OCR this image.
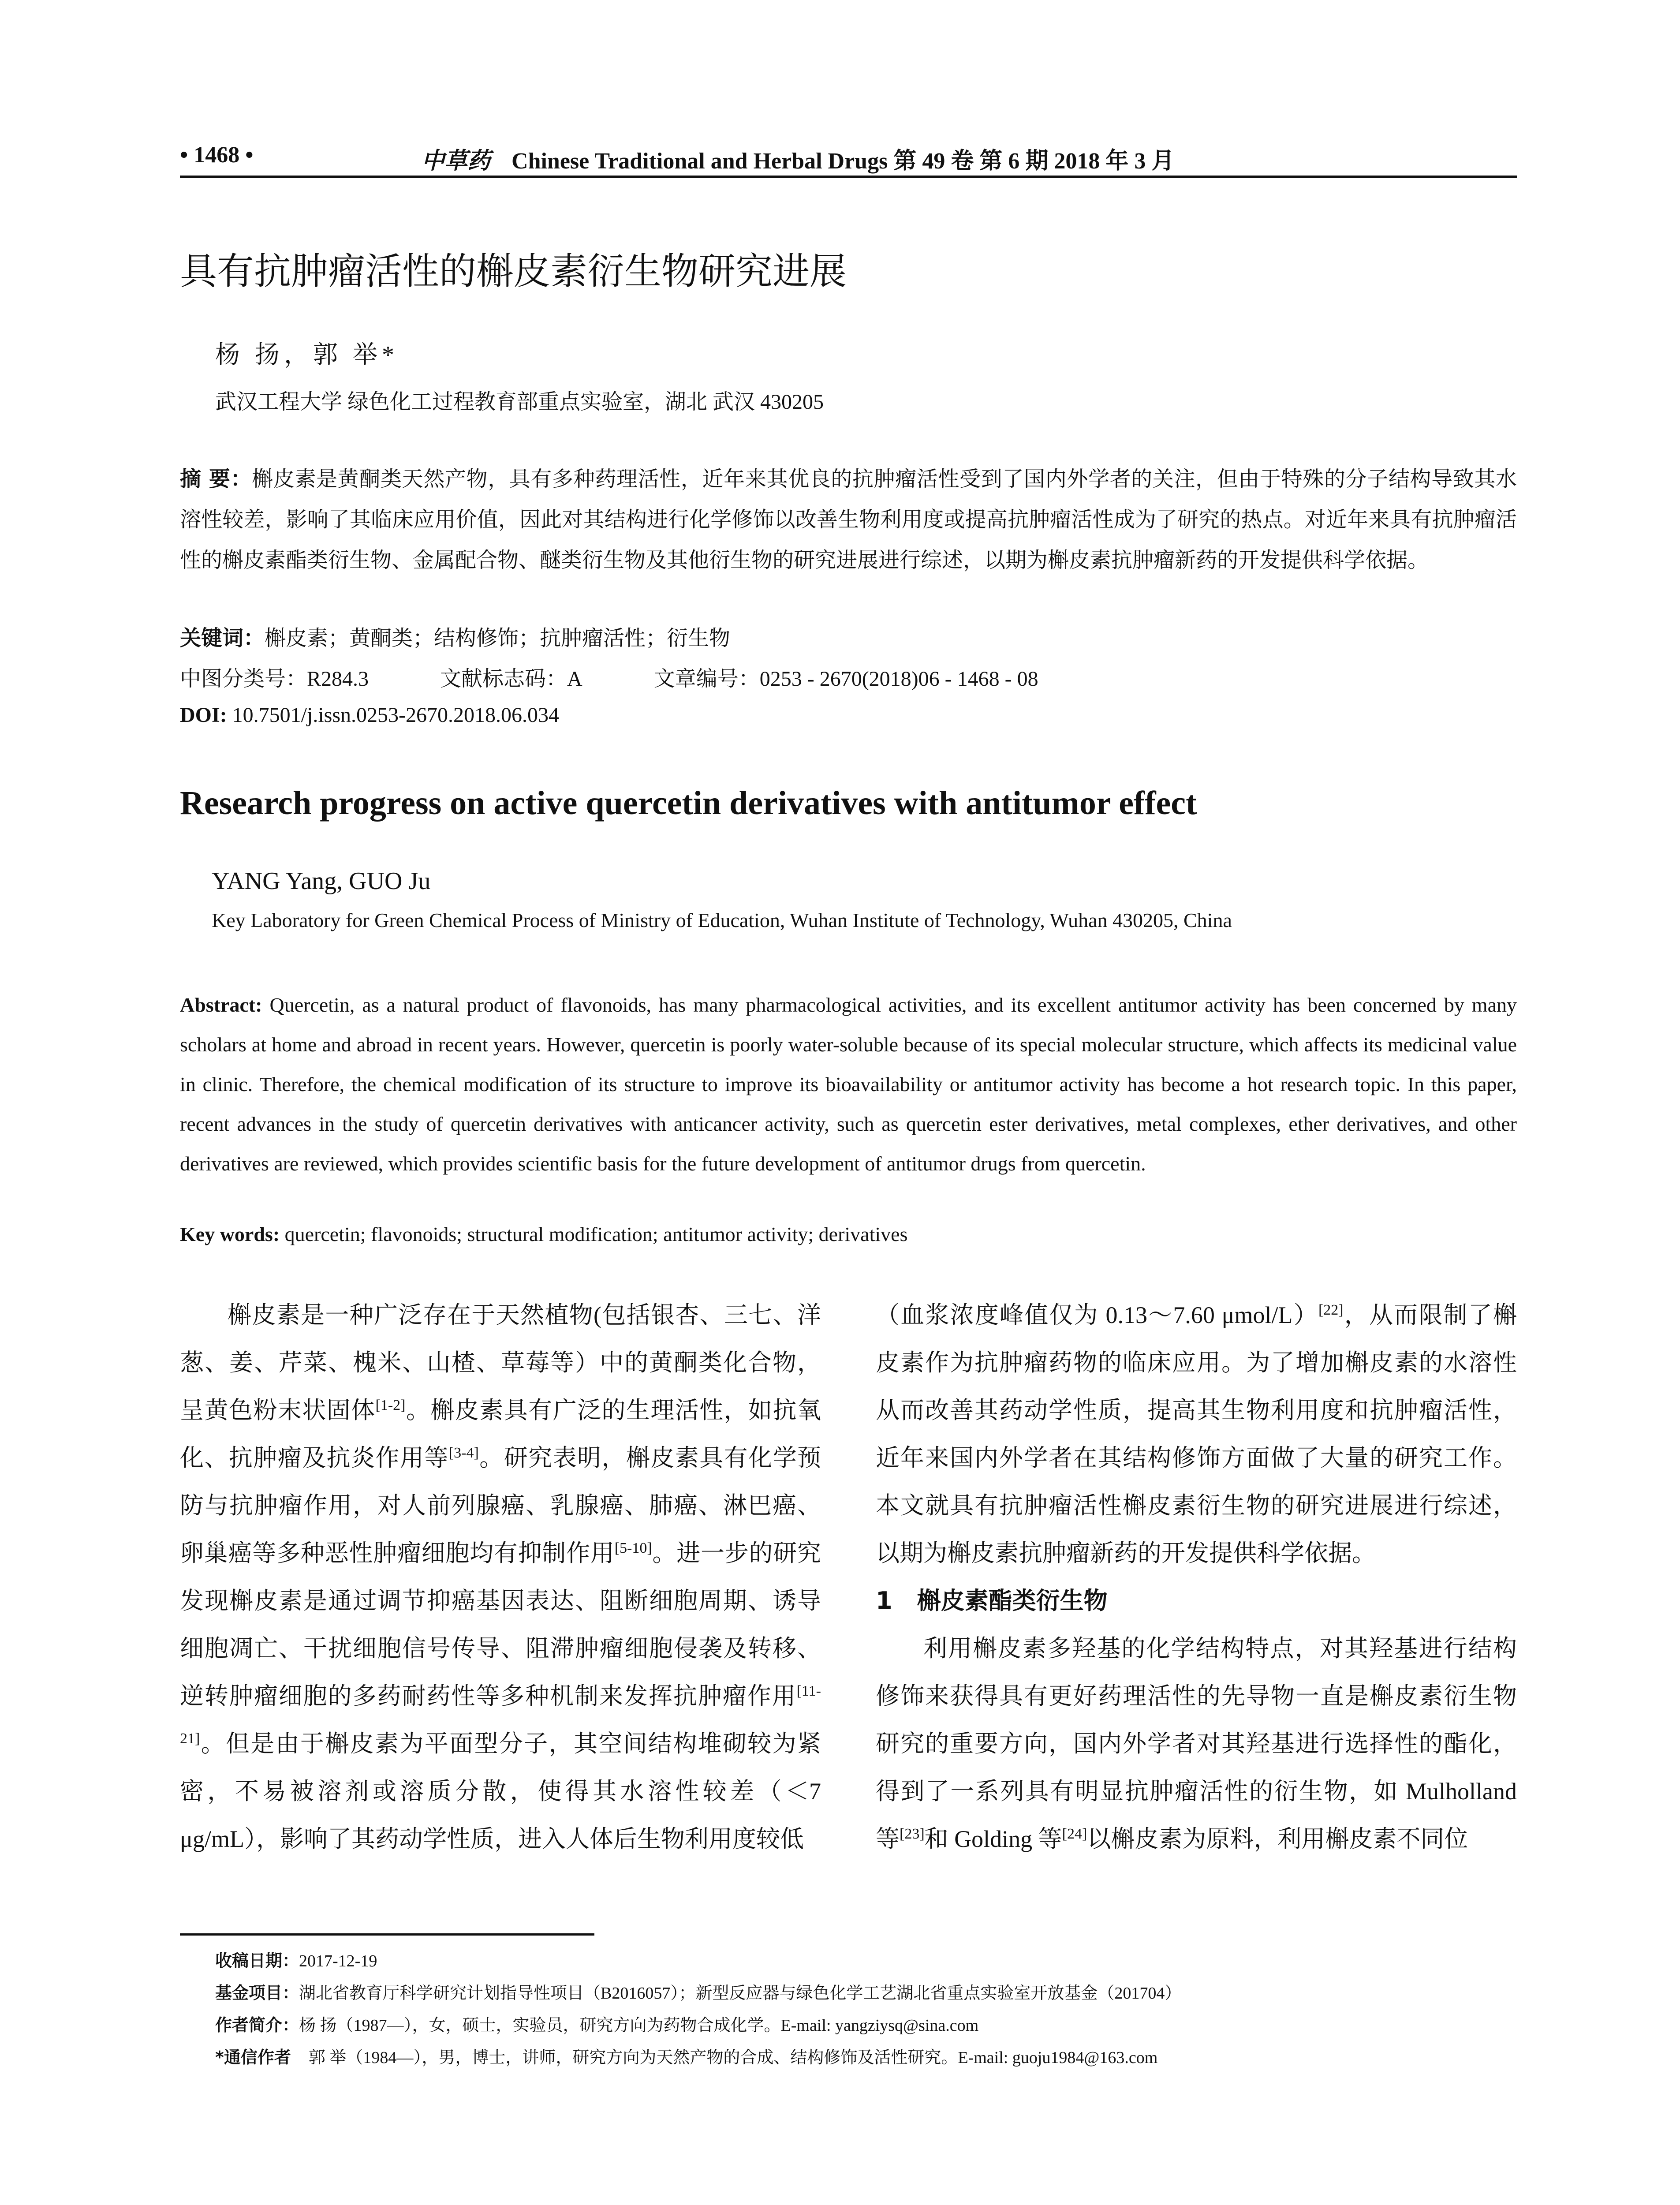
• 1468 •	中草药 Chinese Traditional and Herbal Drugs 第 49 卷 第 6 期 2018 年 3 月
具有抗肿瘤活性的槲皮素衍生物研究进展
杨 扬，郭 举*
武汉工程大学 绿色化工过程教育部重点实验室，湖北 武汉 430205
摘 要：槲皮素是黄酮类天然产物，具有多种药理活性，近年来其优良的抗肿瘤活性受到了国内外学者的关注，但由于特殊的分子结构导致其水溶性较差，影响了其临床应用价值，因此对其结构进行化学修饰以改善生物利用度或提高抗肿瘤活性成为了研究的热点。对近年来具有抗肿瘤活性的槲皮素酯类衍生物、金属配合物、醚类衍生物及其他衍生物的研究进展进行综述，以期为槲皮素抗肿瘤新药的开发提供科学依据。
关键词：槲皮素；黄酮类；结构修饰；抗肿瘤活性；衍生物
中图分类号：R284.3	文献标志码：A	文章编号：0253 - 2670(2018)06 - 1468 - 08
DOI: 10.7501/j.issn.0253-2670.2018.06.034
Research progress on active quercetin derivatives with antitumor effect
YANG Yang, GUO Ju
Key Laboratory for Green Chemical Process of Ministry of Education, Wuhan Institute of Technology, Wuhan 430205, China
Abstract: Quercetin, as a natural product of flavonoids, has many pharmacological activities, and its excellent antitumor activity has been concerned by many scholars at home and abroad in recent years. However, quercetin is poorly water-soluble because of its special molecular structure, which affects its medicinal value in clinic. Therefore, the chemical modification of its structure to improve its bioavailability or antitumor activity has become a hot research topic. In this paper, recent advances in the study of quercetin derivatives with anticancer activity, such as quercetin ester derivatives, metal complexes, ether derivatives, and other derivatives are reviewed, which provides scientific basis for the future development of antitumor drugs from quercetin.
Key words: quercetin; flavonoids; structural modification; antitumor activity; derivatives

槲皮素是一种广泛存在于天然植物(包括银杏、三七、洋葱、姜、芹菜、槐米、山楂、草莓等）中的黄酮类化合物，呈黄色粉末状固体[1-2]。槲皮素具有广泛的生理活性，如抗氧化、抗肿瘤及抗炎作用等[3-4]。研究表明，槲皮素具有化学预防与抗肿瘤作用，对人前列腺癌、乳腺癌、肺癌、淋巴癌、卵巢癌等多种恶性肿瘤细胞均有抑制作用[5-10]。进一步的研究发现槲皮素是通过调节抑癌基因表达、阻断细胞周期、诱导细胞凋亡、干扰细胞信号传导、阻滞肿瘤细胞侵袭及转移、逆转肿瘤细胞的多药耐药性等多种机制来发挥抗肿瘤作用[11-21]。但是由于槲皮素为平面型分子，其空间结构堆砌较为紧密，不易被溶剂或溶质分散，使得其水溶性较差（＜7 μg/mL），影响了其药动学性质，进入人体后生物利用度较低

（血浆浓度峰值仅为 0.13～7.60 μmol/L）[22]，从而限制了槲皮素作为抗肿瘤药物的临床应用。为了增加槲皮素的水溶性从而改善其药动学性质，提高其生物利用度和抗肿瘤活性，近年来国内外学者在其结构修饰方面做了大量的研究工作。本文就具有抗肿瘤活性槲皮素衍生物的研究进展进行综述，以期为槲皮素抗肿瘤新药的开发提供科学依据。

1 槲皮素酯类衍生物

利用槲皮素多羟基的化学结构特点，对其羟基进行结构修饰来获得具有更好药理活性的先导物一直是槲皮素衍生物研究的重要方向，国内外学者对其羟基进行选择性的酯化，得到了一系列具有明显抗肿瘤活性的衍生物，如 Mulholland 等[23]和 Golding 等[24]以槲皮素为原料，利用槲皮素不同位

收稿日期：2017-12-19
基金项目：湖北省教育厅科学研究计划指导性项目（B2016057）；新型反应器与绿色化学工艺湖北省重点实验室开放基金（201704）
作者简介：杨 扬（1987—），女，硕士，实验员，研究方向为药物合成化学。E-mail: yangziysq@sina.com
*通信作者 郭 举（1984—），男，博士，讲师，研究方向为天然产物的合成、结构修饰及活性研究。E-mail: guoju1984@163.com
